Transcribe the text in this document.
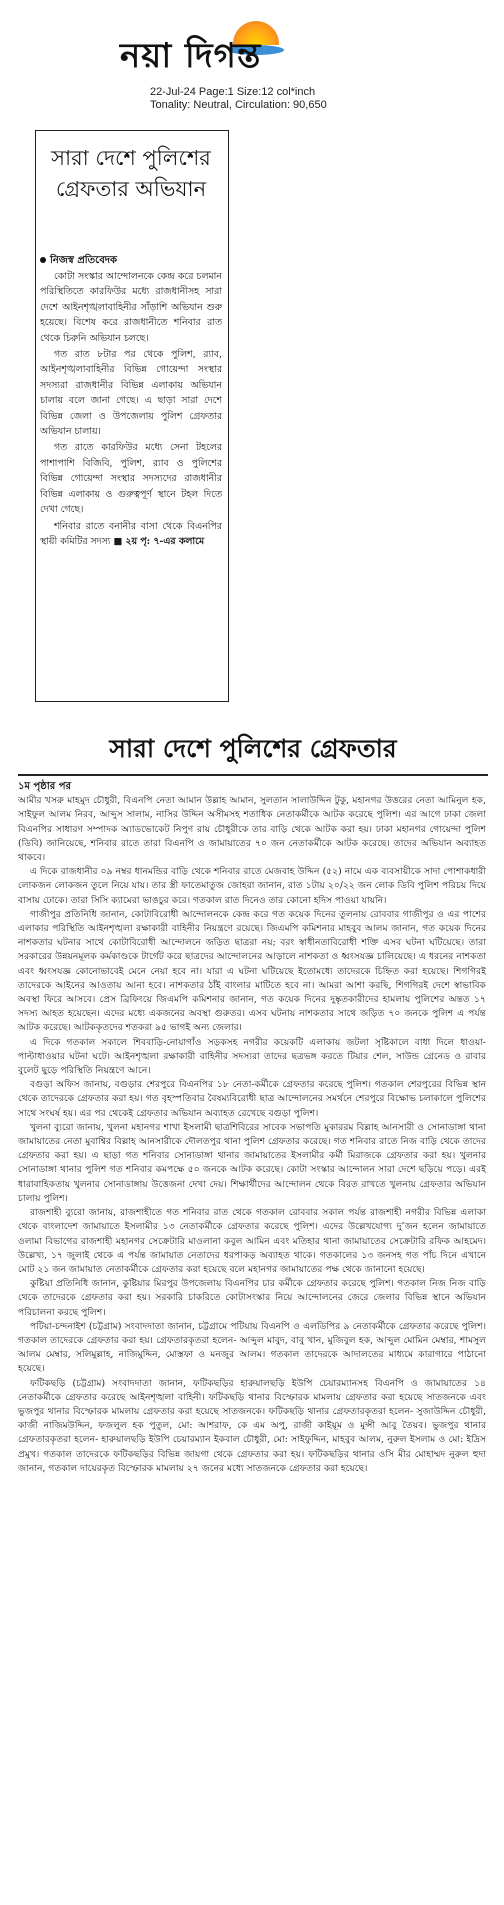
নয়া দিগন্ত
22-Jul-24 Page:1 Size:12 col*inch
Tonality: Neutral, Circulation: 90,650
সারা দেশে পুলিশের গ্রেফতার অভিযান
নিজস্ব প্রতিবেদক

কোটা সংস্কার আন্দোলনকে কেন্দ্র করে চলমান পরিস্থিতিতে কারফিউর মধ্যে রাজধানীসহ সারা দেশে আইনশৃঙ্খলাবাহিনীর সাঁড়াশি অভিযান শুরু হয়েছে। বিশেষ করে রাজধানীতে শনিবার রাত থেকে চিরুনি অভিযান চলছে।

গত রাত ৮টার পর থেকে পুলিশ, র‌্যাব, আইনশৃঙ্খলাবাহিনীর বিভিন্ন গোয়েন্দা সংস্থার সদস্যরা রাজধানীর বিভিন্ন এলাকায় অভিযান চালায় বলে জানা গেছে। এ ছাড়া সারা দেশে বিভিন্ন জেলা ও উপজেলায় পুলিশ গ্রেফতার অভিযান চালায়।

গত রাতে কারফিউর মধ্যে সেনা টহলের পাশাপাশি বিজিবি, পুলিশ, র‌্যাব ও পুলিশের বিভিন্ন গোয়েন্দা সংস্থার সদস্যদের রাজধানীর বিভিন্ন এলাকায় ও গুরুত্বপূর্ণ স্থানে টহল দিতে দেখা গেছে।

শনিবার রাতে বনানীর বাসা থেকে বিএনপির স্থায়ী কমিটির সদস্য ■ ২য় পৃ: ৭-এর কলামে

সারা দেশে পুলিশের গ্রেফতার

১ম পৃষ্ঠার পর
আমীর খসরু মাহমুদ চৌধুরী, বিএনপি নেতা আমান উল্লাহ আমান, সুলতান সালাউদ্দিন টুকু, মহানগর উত্তরের নেতা আমিনুল হক, সাইফুল আলম নিরব, আব্দুস সালাম, নাসির উদ্দিন অসীমসহ শতাধিক নেতাকর্মীকে আটক করেছে পুলিশ। এর আগে ঢাকা জেলা বিএনপির সাধারণ সম্পাদক অ্যাডভোকেট নিপুণ রায় চৌধুরীকে তার বাড়ি থেকে আটক করা হয়। ঢাকা মহানগর গোয়েন্দা পুলিশ (ডিবি) জানিয়েছে, শনিবার রাতে তারা বিএনপি ও জামায়াতের ৭০ জন নেতাকর্মীকে আটক করেছে। তাদের অভিযান অব্যাহত থাকবে।

এ দিকে রাজধানীর ০৯ নম্বর ধানমন্ডির বাড়ি থেকে শনিবার রাতে মেজবাহ উদ্দিন (৫২) নামে এক ব্যবসায়ীকে সাদা পোশাকধারী লোকজন লোকজন তুলে নিয়ে যায়। তার স্ত্রী ফাতেমাতুজ জোহরা জানান, রাত ১টায় ২০/২২ জন লোক ডিবি পুলিশ পরিচয় দিয়ে বাসায় ঢোকে। তারা সিসি ক্যামেরা ভাঙচুর করে। গতকাল রাত দিনেও তার কোনো হদিস পাওয়া যায়নি।

গাজীপুর প্রতিনিধি জানান, কোটাবিরোধী আন্দোলনকে কেন্দ্র করে গত কয়েক দিনের তুলনায় রোববার গাজীপুর ও এর পাশের এলাকার পরিস্থিতি আইনশৃঙ্খলা রক্ষাকারী বাহিনীর নিয়ন্ত্রণে রয়েছে। জিএমপি কমিশনার মাহবুব আলম জানান, গত কয়েক দিনের নাশকতার ঘটনার সাথে কোটাবিরোধী আন্দোলনে জড়িত ছাত্ররা নয়; বরং স্বাধীনতাবিরোধী শক্তি এসব ঘটনা ঘটিয়েছে। তারা সরকারের উন্নয়নমূলক কর্মকাণ্ডকে টার্গেট করে ছাত্রদের আন্দোলনের আড়ালে নাশকতা ও ধ্বংসযজ্ঞ চালিয়েছে। এ ধরনের নাশকতা এবং ধ্বংসযজ্ঞ কোনোভাবেই মেনে নেয়া হবে না। যারা এ ঘটনা ঘটিয়েছে ইতোমধ্যে তাদেরকে চিহ্নিত করা হয়েছে। শিগগিরই তাদেরকে আইনের আওতায় আনা হবে। নাশকতার ঠাঁই বাংলার মাটিতে হবে না। আমরা আশা করছি, শিগগিরই দেশে স্বাভাবিক অবস্থা ফিরে আসবে। প্রেস ব্রিফিংয়ে জিএমপি কমিশনার জানান, গত কয়েক দিনের দুষ্কৃতকারীদের হামলায় পুলিশের অন্তত ১৭ সদস্য আহত হয়েছেন। এদের মধ্যে একজনের অবস্থা গুরুতর। এসব ঘটনায় নাশকতার সাথে জড়িত ৭০ জনকে পুলিশ এ পর্যন্ত আটক করেছে। আটককৃতদের শতকরা ৯৫ ভাগই অন্য জেলার।

এ দিকে গতকাল সকালে শিববাড়ি-নোয়াগাঁও সড়কসহ নগরীর কয়েকটি এলাকায় জটলা সৃষ্টিকালে বাধা দিলে ধাওয়া-পাল্টাধাওয়ার ঘটনা ঘটে। আইনশৃঙ্খলা রক্ষাকারী বাহিনীর সদস্যরা তাদের ছত্রভঙ্গ করতে টিয়ার শেল, সাউন্ড গ্রেনেড ও রাবার বুলেট ছুড়ে পরিস্থিতি নিয়ন্ত্রণে আনে।

বগুড়া অফিস জানায়, বগুড়ার শেরপুরে বিএনপির ১৮ নেতা-কর্মীকে গ্রেফতার করেছে পুলিশ। গতকাল শেরপুরের বিভিন্ন স্থান থেকে তাদেরকে গ্রেফতার করা হয়। গত বৃহস্পতিবার বৈষম্যবিরোধী ছাত্র আন্দোলনের সমর্থনে শেরপুরে বিক্ষোভ চলাকালে পুলিশের সাথে সংঘর্ষ হয়। এর পর থেকেই গ্রেফতার অভিযান অব্যাহত রেখেছে বগুড়া পুলিশ।

খুলনা ব্যুরো জানায়, খুলনা মহানগর শাখা ইসলামী ছাত্রশিবিরের সাবেক সভাপতি মুকাররম বিল্লাহ আনসারী ও সোনাডাঙ্গা থানা জামায়াতের নেতা মুবাশ্বির বিল্লাহ আনসারীকে দৌলতপুর থানা পুলিশ গ্রেফতার করেছে। গত শনিবার রাতে নিজ বাড়ি থেকে তাদের গ্রেফতার করা হয়। এ ছাড়া গত শনিবার সোনাডাঙ্গা থানার জামায়াতের ইসলামীর কর্মী মিরাজকে গ্রেফতার করা হয়। খুলনার সোনাডাঙ্গা থানার পুলিশ গত শনিবার কমপক্ষে ৫০ জনকে আটক করেছে। কোটা সংস্কার আন্দোলন সারা দেশে ছড়িয়ে পড়ে। এরই ধারাবাহিকতায় খুলনার সোনাডাঙ্গায় উত্তেজনা দেখা দেয়। শিক্ষার্থীদের আন্দোলন থেকে বিরত রাখতে খুলনায় গ্রেফতার অভিযান চালায় পুলিশ।

রাজশাহী ব্যুরো জানায়, রাজশাহীতে গত শনিবার রাত থেকে গতকাল রোববার সকাল পর্যন্ত রাজশাহী নগরীর বিভিন্ন এলাকা থেকে বাংলাদেশ জামায়াতে ইসলামীর ১৩ নেতাকর্মীকে গ্রেফতার করেছে পুলিশ। এদের উল্লেখযোগ্য দু’জন হলেন জামায়াতে ওলামা বিভাগের রাজশাহী মহানগর সেক্রেটারি মাওলানা কবুল আমিন এবং মতিহার থানা জামায়াতের সেক্রেটারি রফিক আহমেদ। উল্লেখ্য, ১৭ জুলাই থেকে এ পর্যন্ত জামায়াত নেতাদের ধরপাকড় অব্যাহত থাকে। গতকালের ১৩ জনসহ গত পাঁচ দিনে এখানে মোট ২১ জন জামায়াত নেতাকর্মীকে গ্রেফতার করা হয়েছে বলে মহানগর জামায়াতের পক্ষ থেকে জানানো হয়েছে।

কুষ্টিয়া প্রতিনিধি জানান, কুষ্টিয়ার মিরপুর উপজেলায় বিএনপির চার কর্মীকে গ্রেফতার করেছে পুলিশ। গতকাল নিজ নিজ বাড়ি থেকে তাদেরকে গ্রেফতার করা হয়। সরকারি চাকরিতে কোটাসংস্কার নিয়ে আন্দোলনের জেরে জেলার বিভিন্ন স্থানে অভিযান পরিচালনা করছে পুলিশ।

পটিয়া-চন্দনাইশ (চট্টগ্রাম) সংবাদদাতা জানান, চট্টগ্রামে পটিয়ায় বিএনপি ও এলডিপির ৯ নেতাকর্মীকে গ্রেফতার করেছে পুলিশ। গতকাল তাদেরকে গ্রেফতার করা হয়। গ্রেফতারকৃতরা হলেন- আব্দুল মাবুদ, বাবু খান, মুজিবুল হক, আব্দুল মোমিন মেম্বার, শামসুল আলম মেম্বার, সলিমুল্লাহ, নাজিমুদ্দিন, মোস্তফা ও মনজুর আলম। গতকাল তাদেরকে আদালতের মাধ্যমে কারাগারে পাঠানো হয়েছে।

ফটিকছড়ি (চট্টগ্রাম) সংবাদদাতা জানান, ফটিকছড়ির হারুয়ালছড়ি ইউপি চেয়ারম্যানসহ বিএনপি ও জামায়াতের ১৪ নেতাকর্মীকে গ্রেফতার করেছে আইনশৃঙ্খলা বাহিনী। ফটিকছড়ি থানার বিস্ফোরক মামলায় গ্রেফতার করা হয়েছে সাতজনকে এবং ভুজপুর থানার বিস্ফোরক মামলায় গ্রেফতার করা হয়েছে সাতজনকে। ফটিকছড়ি থানার গ্রেফতারকৃতরা হলেন- সুজাউদ্দিন চৌধুরী, কাজী নাজিমউদ্দিন, ফজলুল হক পুতুল, মো: আশরাফ, কে এম অপু, রাজী কাইয়ূম ও মুন্সী আবু তৈয়ব। ভুজপুর থানার গ্রেফতারকৃতরা হলেন- হারুয়ালছড়ি ইউপি চেয়ারম্যান ইকবাল চৌধুরী, মো: সাইফুদ্দিন, মাহবুব আলম, নুরুল ইসলাম ও মো: ইদ্রিস প্রমুখ। গতকাল তাদেরকে ফটিকছড়ির বিভিন্ন জায়গা থেকে গ্রেফতার করা হয়। ফটিকছড়ির থানার ওসি মীর মোহাম্মদ নুরুল হুদা জানান, গতকাল দায়েরকৃত বিস্ফোরক মামলায় ২৭ জনের মধ্যে সাতজনকে গ্রেফতার করা হয়েছে।
